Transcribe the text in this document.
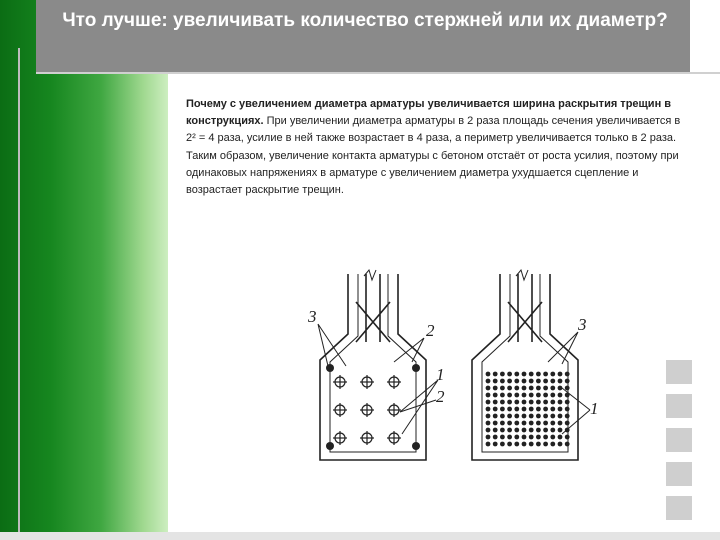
Что лучше: увеличивать количество стержней или их диаметр?
Почему с увеличением диаметра арматуры увеличивается ширина раскрытия трещин в конструкциях. При увеличении диаметра арматуры в 2 раза площадь сечения увеличивается в 2² = 4 раза, усилие в ней также возрастает в 4 раза, а периметр увеличивается только в 2 раза. Таким образом, увеличение контакта арматуры с бетоном отстаёт от роста усилия, поэтому при одинаковых напряжениях в арматуре с увеличением диаметра ухудшается сцепление и возрастает раскрытие трещин.
3
2
1
2
3
1
